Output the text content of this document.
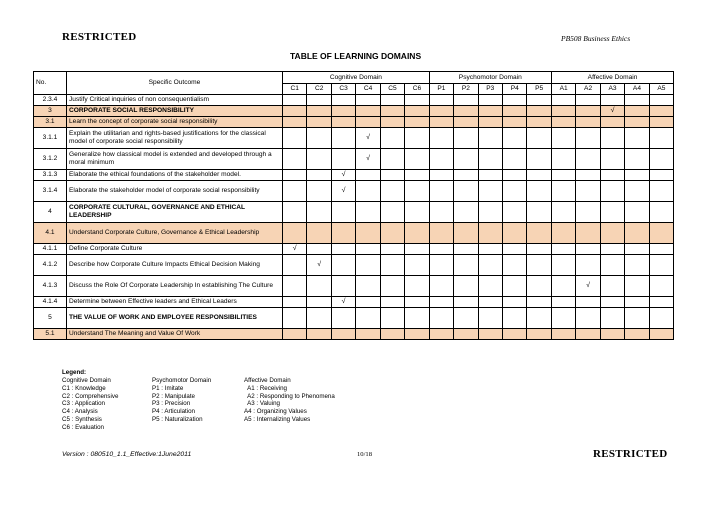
RESTRICTED	PB508 Business Ethics
TABLE OF LEARNING DOMAINS
No.	Specific Outcome	Cognitive Domain						Psychomotor Domain					Affective Domain				
		C1	C2	C3	C4	C5	C6	P1	P2	P3	P4	P5	A1	A2	A3	A4	A5
2.3.4	Justify Critical inquiries of non consequentialism																
3	CORPORATE SOCIAL RESPONSIBILITY														√		
3.1	Learn the concept of corporate social responsibility																
3.1.1	Explain the utilitarian and rights-based justifications for the classical model of corporate social responsibility				√												
3.1.2	Generalize how classical model is extended and developed through a moral minimum				√												
3.1.3	Elaborate the ethical foundations of the stakeholder model.			√													
3.1.4	Elaborate the stakeholder model of corporate social responsibility			√													
4	CORPORATE CULTURAL, GOVERNANCE AND ETHICAL LEADERSHIP																
4.1	Understand Corporate Culture, Governance & Ethical Leadership																
4.1.1	Define Corporate Culture	√															
4.1.2	Describe how Corporate Culture Impacts Ethical Decision Making		√														
4.1.3	Discuss the Role Of Corporate Leadership In establishing The Culture													√			
4.1.4	Determine between Effective leaders and Ethical Leaders			√													
5	THE VALUE OF WORK AND EMPLOYEE RESPONSIBILITIES																
5.1	Understand The Meaning and Value Of Work																
Legend:
Cognitive Domain
C1 : Knowledge
C2 : Comprehensive
C3 : Application
C4 : Analysis
C5 : Synthesis
C6 : Evaluation
Psychomotor Domain
P1 : Imitate
P2 : Manipulate
P3 : Precision
P4 : Articulation
P5 : Naturalization
Affective Domain
A1 : Receiving
A2 : Responding to Phenomena
A3 : Valuing
A4 : Organizing Values
A5 : Internalizing Values
Version : 080510_1.1_Effective:1June2011	10/18	RESTRICTED
